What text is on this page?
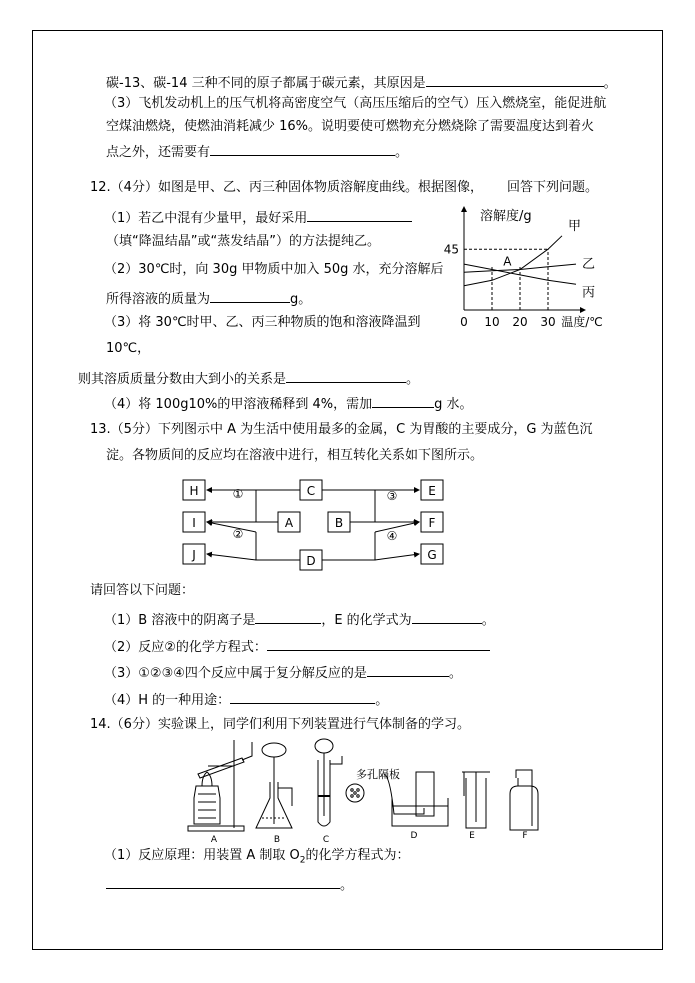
碳-13、碳-14 三种不同的原子都属于碳元素，其原因是	。
（3）飞机发动机上的压气机将高密度空气（高压压缩后的空气）压入燃烧室，能促进航
空煤油燃烧，使燃油消耗减少 16%。说明要使可燃物充分燃烧除了需要温度达到着火
点之外，还需要有	。
12.（4分）如图是甲、乙、丙三种固体物质溶解度曲线。根据图像， 回答下列问题。
（1）若乙中混有少量甲，最好采用
（填“降温结晶”或“蒸发结晶”）的方法提纯乙。
（2）30℃时，向 30g 甲物质中加入 50g 水，充分溶解后
所得溶液的质量为	g。
（3）将 30℃时甲、乙、丙三种物质的饱和溶液降温到
10℃，
则其溶质质量分数由大到小的关系是	。
（4）将 100g10%的甲溶液稀释到 4%，需加	g 水。
溶解度/g
甲
乙
丙
0 10 20 30
45
温度/℃
A
13.（5分）下列图示中 A 为生活中使用最多的金属，C 为胃酸的主要成分，G 为蓝色沉
淀。各物质间的反应均在溶液中进行，相互转化关系如下图所示。
H
I
J
C
A	B
D
E
F
G
①
②
③
④
请回答以下问题：
（1）B 溶液中的阴离子是	，E 的化学式为	。
（2）反应②的化学方程式：
（3）①②③④四个反应中属于复分解反应的是	。
（4）H 的一种用途：	。
14.（6分）实验课上，同学们利用下列装置进行气体制备的学习。
多孔隔板
A	B	C	D	E	F
（1）反应原理：用装置 A 制取 $O_2$的化学方程式为：
。
